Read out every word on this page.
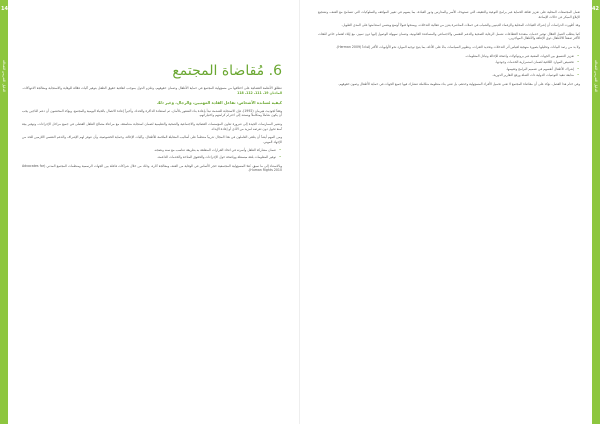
141
الدليل التدريبي للعدالة	6. مُقاضاة المجتمع

تنطلق الأنظمة القضائية على اختلافها من مسؤولية المجتمع في حماية الأطفال وضمان حقوقهم، وتلتزم الدول بموجب اتفاقية حقوق الطفل بتوفير آليات فعّالة للوقاية والاستجابة ومعالجة الانتهاكات. المادتان 19، 111، 112، 118

كيفية مُساندة الأشخاص: تفاعل القادة المهنيين، والرجال، وغير ذلك

وفقاً لجوديث هيرمان (1992)، فإن الاستجابة للصدمة تبدأ بإعادة بناء الشعور بالأمان، ثم استعادة الذاكرة والحداد، وأخيراً إعادة الاتصال بالحياة اليومية والمجتمع. ويؤكد المختصون أن دعم الناجين يجب أن يكون شاملاً ومتكاملاً ويستند إلى احترام كرامتهم واختياراتهم.

وتشير الممارسات الجيدة إلى ضرورة تعاون المؤسسات القضائية والاجتماعية والصحية والتعليمية لضمان استجابة متناسقة، مع مراعاة مصالح الطفل الفضلى في جميع مراحل الإجراءات، وتوفير بيئة آمنة تحول دون تعرضه لمزيد من الأذى أو إعادة الإيذاء.

ومن المهم أيضاً أن يتلقى العاملون في هذا المجال تدريباً منتظماً على أساليب المقابلة الملائمة للأطفال، وآليات الإحالة، وحماية الخصوصية، وأن تتوفر لهم الإشراف والدعم النفسي اللازمين للحد من الإجهاد المهني.

• ضمان مشاركة الطفل وأسرته في اتخاذ القرارات المتعلقة به بطريقة تتناسب مع سنه ونضجه.
• توفير المعلومات بلغة مبسطة وواضحة حول الإجراءات والحقوق المتاحة والخدمات الداعمة.

وبالاستناد إلى ما سبق، تُعدّ المسؤولية المجتمعية حجر الأساس في الوقاية من العنف ومعالجة آثاره، وذلك من خلال شراكات فاعلة بين الجهات الرسمية ومنظمات المجتمع المدني (Advocates for Human Rights 2010).

142
الدليل التدريبي للعدالة

تعمل المجتمعات المحلية على تعزيز ثقافة الحماية عبر برامج التوعية والتثقيف التي تستهدف الأسر والمدارس ودور العبادة، بما يسهم في تغيير المواقف والسلوكيات التي تتسامح مع العنف، وتشجيع الإبلاغ المبكر عن حالات الإساءة.

وقد أظهرت الدراسات أن إشراك القيادات المحلية والزعماء الدينيين والشباب في حملات المناصرة يعزز من فعالية التدخلات، ويمنحها قبولاً أوسع ويضمن استدامتها على المدى الطويل.

كما يتطلب العمل الفعّال توفير خدمات متعددة القطاعات تشمل الرعاية الصحية والدعم النفسي والاجتماعي والمساعدة القانونية، وضمان سهولة الوصول إليها دون تمييز، مع إيلاء اهتمام خاص للفئات الأكثر ضعفاً كالأطفال ذوي الإعاقة والأطفال المهاجرين.

ولا بد من رصد البيانات وتحليلها بصورة منهجية لقياس أثر التدخلات وتحديد الثغرات، وتطوير السياسات بناءً على الأدلة، بما يتيح توجيه الموارد نحو الأولويات الأكثر إلحاحاً (Herman 2009).

• تعزيز التنسيق بين الجهات المعنية عبر بروتوكولات واضحة للإحالة وتبادل المعلومات.
• تخصيص الموارد الكافية لضمان استمرارية الخدمات وجودتها.
• إشراك الأطفال أنفسهم في تصميم البرامج وتقييمها.
• متابعة تنفيذ التوصيات الدولية ذات الصلة ورفع التقارير الدورية.

وفي ختام هذا الفصل، نؤكد على أن مقاضاة المجتمع لا تعني تحميل الأفراد المسؤولية وحدهم، بل تعني بناء منظومة متكاملة تتشارك فيها جميع الجهات في حماية الأطفال وصون حقوقهم.
